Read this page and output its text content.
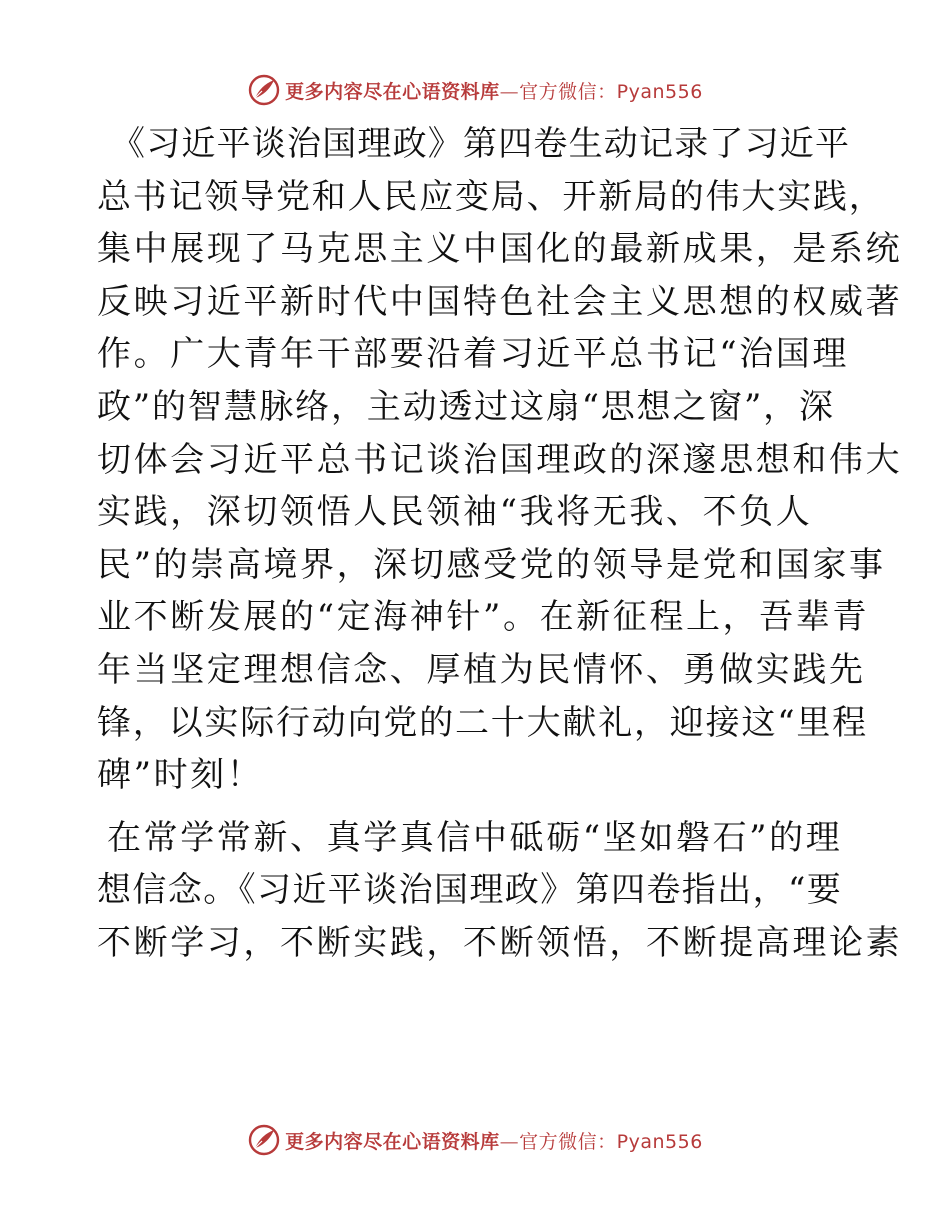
更多内容尽在心语资料库—官方微信：Pyan556
《习近平谈治国理政》第四卷生动记录了习近平
总书记领导党和人民应变局、开新局的伟大实践，
集中展现了马克思主义中国化的最新成果，是系统
反映习近平新时代中国特色社会主义思想的权威著
作。广大青年干部要沿着习近平总书记“治国理
政”的智慧脉络，主动透过这扇“思想之窗”，深
切体会习近平总书记谈治国理政的深邃思想和伟大
实践，深切领悟人民领袖“我将无我、不负人
民”的崇高境界，深切感受党的领导是党和国家事
业不断发展的“定海神针”。在新征程上，吾辈青
年当坚定理想信念、厚植为民情怀、勇做实践先
锋，以实际行动向党的二十大献礼，迎接这“里程
碑”时刻！
在常学常新、真学真信中砥砺“坚如磐石”的理
想信念。《习近平谈治国理政》第四卷指出，“要
不断学习，不断实践，不断领悟，不断提高理论素
更多内容尽在心语资料库—官方微信：Pyan556
